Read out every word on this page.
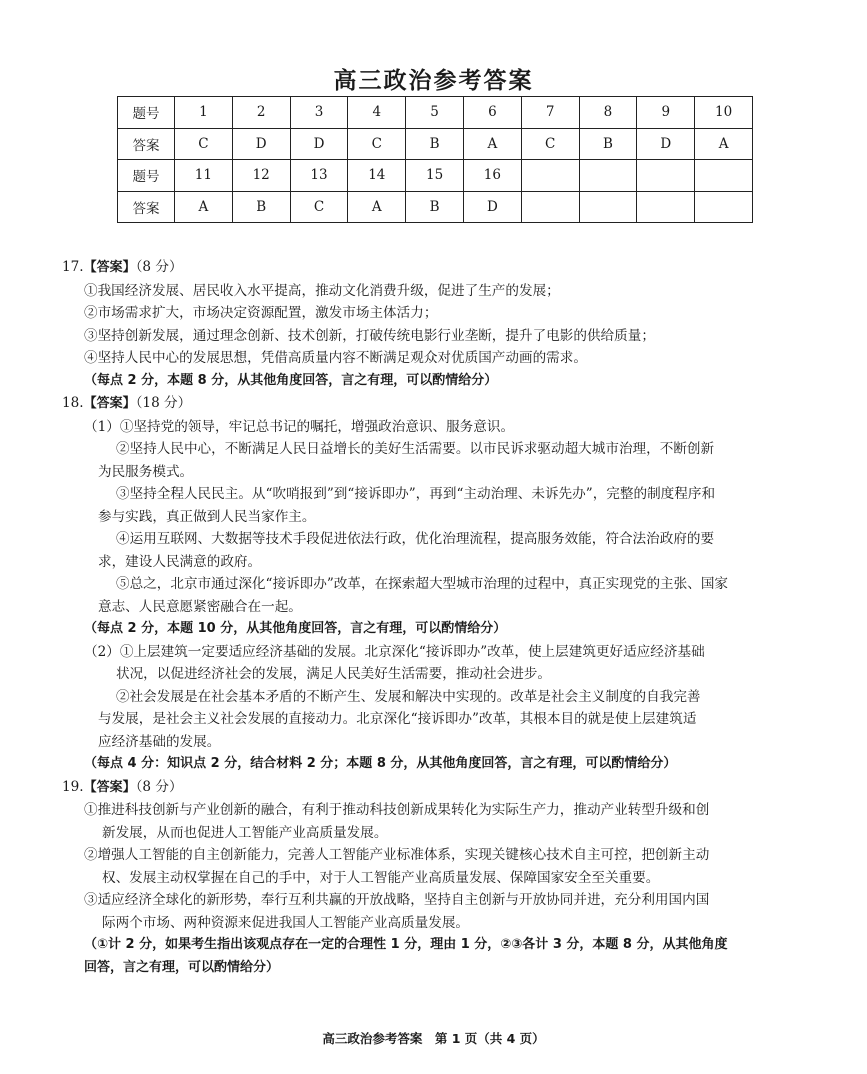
高三政治参考答案
题号	1	2	3	4	5	6	7	8	9	10
答案	C	D	D	C	B	A	C	B	D	A
题号	11	12	13	14	15	16				
答案	A	B	C	A	B	D				
17.【答案】（8 分）
①我国经济发展、居民收入水平提高，推动文化消费升级，促进了生产的发展；
②市场需求扩大，市场决定资源配置，激发市场主体活力；
③坚持创新发展，通过理念创新、技术创新，打破传统电影行业垄断，提升了电影的供给质量；
④坚持人民中心的发展思想，凭借高质量内容不断满足观众对优质国产动画的需求。
（每点 2 分，本题 8 分，从其他角度回答，言之有理，可以酌情给分）
18.【答案】（18 分）
（1）①坚持党的领导，牢记总书记的嘱托，增强政治意识、服务意识。
②坚持人民中心，不断满足人民日益增长的美好生活需要。以市民诉求驱动超大城市治理，不断创新
为民服务模式。
③坚持全程人民民主。从“吹哨报到”到“接诉即办”，再到“主动治理、未诉先办”，完整的制度程序和
参与实践，真正做到人民当家作主。
④运用互联网、大数据等技术手段促进依法行政，优化治理流程，提高服务效能，符合法治政府的要
求，建设人民满意的政府。
⑤总之，北京市通过深化“接诉即办”改革，在探索超大型城市治理的过程中，真正实现党的主张、国家
意志、人民意愿紧密融合在一起。
（每点 2 分，本题 10 分，从其他角度回答，言之有理，可以酌情给分）
（2）①上层建筑一定要适应经济基础的发展。北京深化“接诉即办”改革，使上层建筑更好适应经济基础
状况，以促进经济社会的发展，满足人民美好生活需要，推动社会进步。
②社会发展是在社会基本矛盾的不断产生、发展和解决中实现的。改革是社会主义制度的自我完善
与发展，是社会主义社会发展的直接动力。北京深化“接诉即办”改革，其根本目的就是使上层建筑适
应经济基础的发展。
（每点 4 分：知识点 2 分，结合材料 2 分；本题 8 分，从其他角度回答，言之有理，可以酌情给分）
19.【答案】（8 分）
①推进科技创新与产业创新的融合，有利于推动科技创新成果转化为实际生产力，推动产业转型升级和创
新发展，从而也促进人工智能产业高质量发展。
②增强人工智能的自主创新能力，完善人工智能产业标准体系，实现关键核心技术自主可控，把创新主动
权、发展主动权掌握在自己的手中，对于人工智能产业高质量发展、保障国家安全至关重要。
③适应经济全球化的新形势，奉行互利共赢的开放战略，坚持自主创新与开放协同并进，充分利用国内国
际两个市场、两种资源来促进我国人工智能产业高质量发展。
（①计 2 分，如果考生指出该观点存在一定的合理性 1 分，理由 1 分，②③各计 3 分，本题 8 分，从其他角度
回答，言之有理，可以酌情给分）
高三政治参考答案　第 1 页（共 4 页）
